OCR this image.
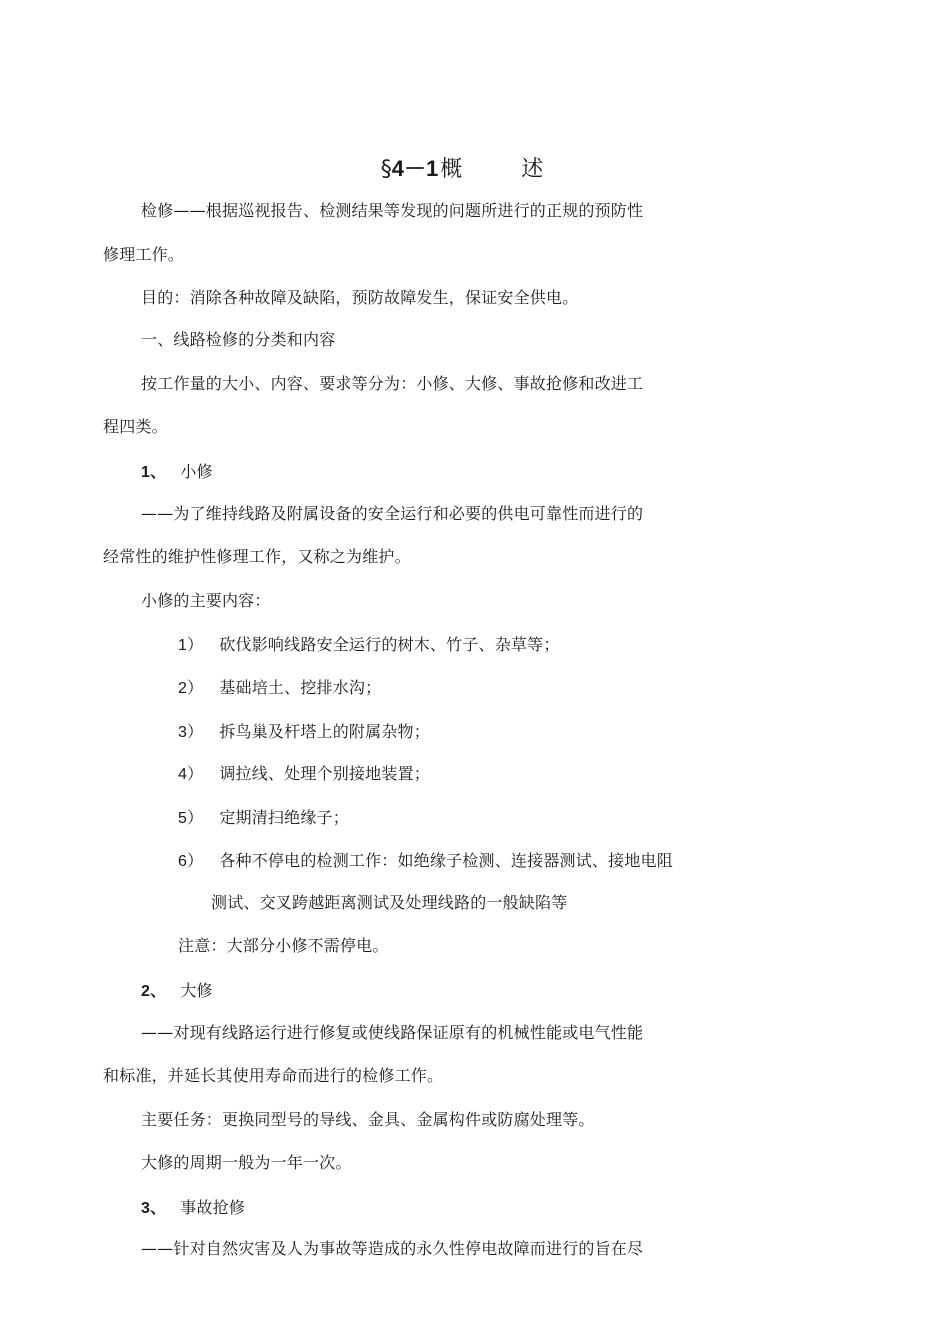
§4－1概 述
检修——根据巡视报告、检测结果等发现的问题所进行的正规的预防性
修理工作。
目的：消除各种故障及缺陷，预防故障发生，保证安全供电。
一、线路检修的分类和内容
按工作量的大小、内容、要求等分为：小修、大修、事故抢修和改进工
程四类。
1、 小修
——为了维持线路及附属设备的安全运行和必要的供电可靠性而进行的
经常性的维护性修理工作，又称之为维护。
小修的主要内容：
1） 砍伐影响线路安全运行的树木、竹子、杂草等；
2） 基础培土、挖排水沟；
3） 拆鸟巢及杆塔上的附属杂物；
4） 调拉线、处理个别接地装置；
5） 定期清扫绝缘子；
6） 各种不停电的检测工作：如绝缘子检测、连接器测试、接地电阻
测试、交叉跨越距离测试及处理线路的一般缺陷等
注意：大部分小修不需停电。
2、 大修
——对现有线路运行进行修复或使线路保证原有的机械性能或电气性能
和标准，并延长其使用寿命而进行的检修工作。
主要任务：更换同型号的导线、金具、金属构件或防腐处理等。
大修的周期一般为一年一次。
3、 事故抢修
——针对自然灾害及人为事故等造成的永久性停电故障而进行的旨在尽
